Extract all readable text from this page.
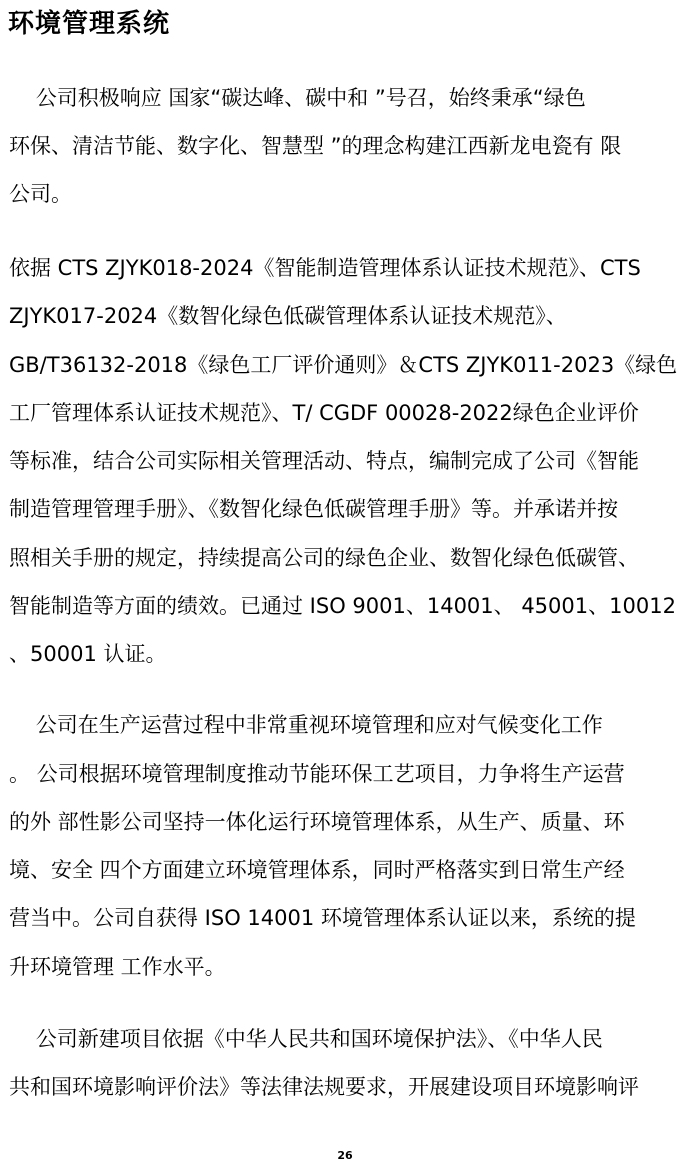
环境管理系统
公司积极响应 国家“碳达峰、碳中和 ”号召，始终秉承“绿色
环保、清洁节能、数字化、智慧型 ”的理念构建江西新龙电瓷有 限
公司。
依据 CTS ZJYK018-2024《智能制造管理体系认证技术规范》、CTS
ZJYK017-2024《数智化绿色低碳管理体系认证技术规范》、
GB/T36132-2018《绿色工厂评价通则》＆CTS ZJYK011-2023《绿色
工厂管理体系认证技术规范》、T/ CGDF 00028-2022绿色企业评价
等标准，结合公司实际相关管理活动、特点，编制完成了公司《智能
制造管理管理手册》、《数智化绿色低碳管理手册》等。并承诺并按
照相关手册的规定，持续提高公司的绿色企业、数智化绿色低碳管、
智能制造等方面的绩效。已通过 ISO 9001、14001、 45001、10012
、50001 认证。
公司在生产运营过程中非常重视环境管理和应对气候变化工作
。 公司根据环境管理制度推动节能环保工艺项目，力争将生产运营
的外 部性影公司坚持一体化运行环境管理体系，从生产、质量、环
境、安全 四个方面建立环境管理体系，同时严格落实到日常生产经
营当中。公司自获得 ISO 14001 环境管理体系认证以来，系统的提
升环境管理 工作水平。
公司新建项目依据《中华人民共和国环境保护法》、《中华人民
共和国环境影响评价法》等法律法规要求，开展建设项目环境影响评
26
